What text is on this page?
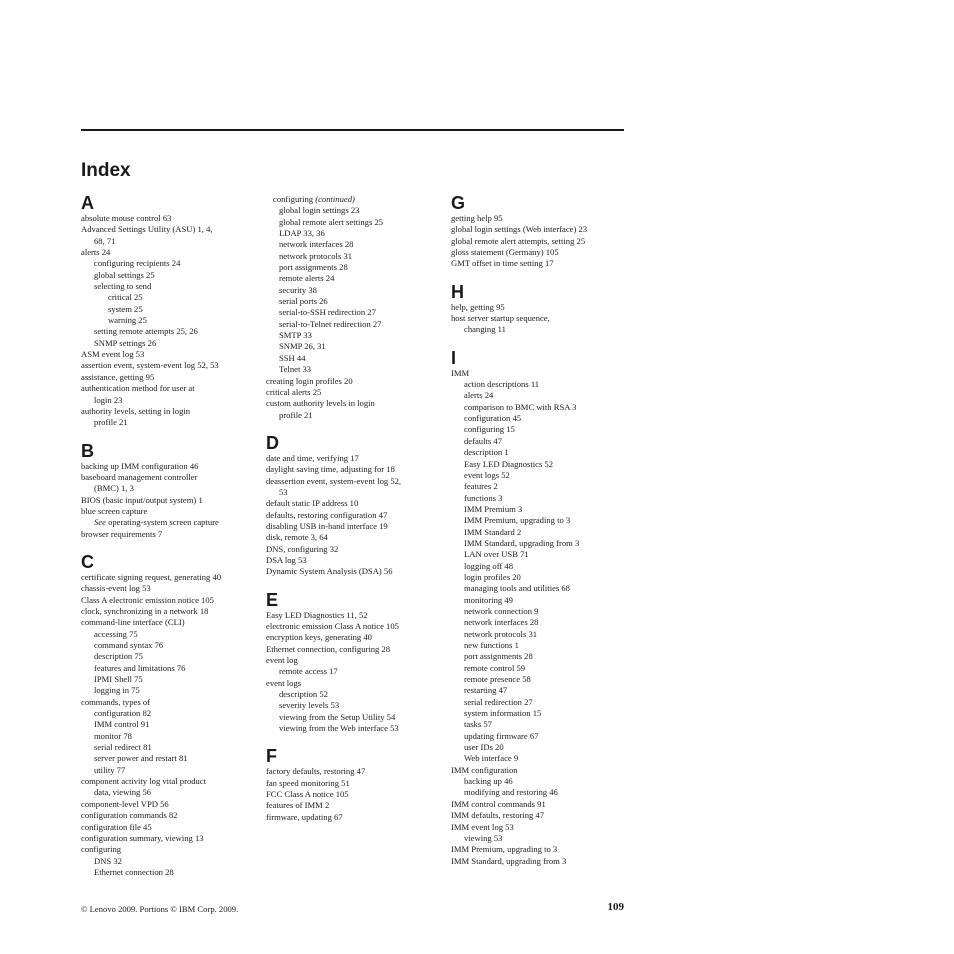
Index
A
absolute mouse control 63
Advanced Settings Utility (ASU) 1, 4,
68, 71
alerts 24
configuring recipients 24
global settings 25
selecting to send
critical 25
system 25
warning 25
setting remote attempts 25, 26
SNMP settings 26
ASM event log 53
assertion event, system-event log 52, 53
assistance, getting 95
authentication method for user at
login 23
authority levels, setting in login
profile 21
B
backing up IMM configuration 46
baseboard management controller
(BMC) 1, 3
BIOS (basic input/output system) 1
blue screen capture
See operating-system screen capture
browser requirements 7
C
certificate signing request, generating 40
chassis-event log 53
Class A electronic emission notice 105
clock, synchronizing in a network 18
command-line interface (CLI)
accessing 75
command syntax 76
description 75
features and limitations 76
IPMI Shell 75
logging in 75
commands, types of
configuration 82
IMM control 91
monitor 78
serial redirect 81
server power and restart 81
utility 77
component activity log vital product
data, viewing 56
component-level VPD 56
configuration commands 82
configuration file 45
configuration summary, viewing 13
configuring
DNS 32
Ethernet connection 28
configuring (continued)
global login settings 23
global remote alert settings 25
LDAP 33, 36
network interfaces 28
network protocols 31
port assignments 28
remote alerts 24
security 38
serial ports 26
serial-to-SSH redirection 27
serial-to-Telnet redirection 27
SMTP 33
SNMP 26, 31
SSH 44
Telnet 33
creating login profiles 20
critical alerts 25
custom authority levels in login
profile 21
D
date and time, verifying 17
daylight saving time, adjusting for 18
deassertion event, system-event log 52,
53
default static IP address 10
defaults, restoring configuration 47
disabling USB in-band interface 19
disk, remote 3, 64
DNS, configuring 32
DSA log 53
Dynamic System Analysis (DSA) 56
E
Easy LED Diagnostics 11, 52
electronic emission Class A notice 105
encryption keys, generating 40
Ethernet connection, configuring 28
event log
remote access 17
event logs
description 52
severity levels 53
viewing from the Setup Utility 54
viewing from the Web interface 53
F
factory defaults, restoring 47
fan speed monitoring 51
FCC Class A notice 105
features of IMM 2
firmware, updating 67
G
getting help 95
global login settings (Web interface) 23
global remote alert attempts, setting 25
gloss statement (Germany) 105
GMT offset in time setting 17
H
help, getting 95
host server startup sequence,
changing 11
I
IMM
action descriptions 11
alerts 24
comparison to BMC with RSA 3
configuration 45
configuring 15
defaults 47
description 1
Easy LED Diagnostics 52
event logs 52
features 2
functions 3
IMM Premium 3
IMM Premium, upgrading to 3
IMM Standard 2
IMM Standard, upgrading from 3
LAN over USB 71
logging off 48
login profiles 20
managing tools and utilities 68
monitoring 49
network connection 9
network interfaces 28
network protocols 31
new functions 1
port assignments 28
remote control 59
remote presence 58
restarting 47
serial redirection 27
system information 15
tasks 57
updating firmware 67
user IDs 20
Web interface 9
IMM configuration
backing up 46
modifying and restoring 46
IMM control commands 91
IMM defaults, restoring 47
IMM event log 53
viewing 53
IMM Premium, upgrading to 3
IMM Standard, upgrading from 3
© Lenovo 2009. Portions © IBM Corp. 2009.	109
